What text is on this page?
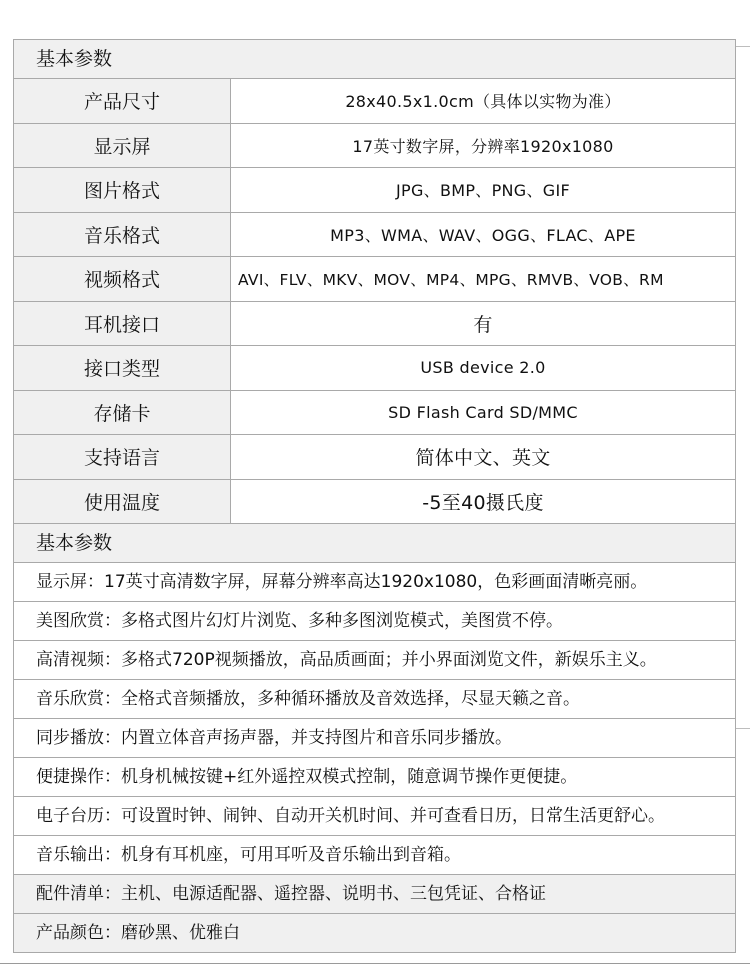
基本参数
产品尺寸	28x40.5x1.0cm（具体以实物为准）
显示屏	17英寸数字屏，分辨率1920x1080
图片格式	JPG、BMP、PNG、GIF
音乐格式	MP3、WMA、WAV、OGG、FLAC、APE
视频格式	AVI、FLV、MKV、MOV、MP4、MPG、RMVB、VOB、RM
耳机接口	有
接口类型	USB device 2.0
存储卡	SD Flash Card SD/MMC
支持语言	简体中文、英文
使用温度	-5至40摄氏度
基本参数
显示屏：17英寸高清数字屏，屏幕分辨率高达1920x1080，色彩画面清晰亮丽。
美图欣赏：多格式图片幻灯片浏览、多种多图浏览模式，美图赏不停。
高清视频：多格式720P视频播放，高品质画面；并小界面浏览文件，新娱乐主义。
音乐欣赏：全格式音频播放，多种循环播放及音效选择，尽显天籁之音。
同步播放：内置立体音声扬声器，并支持图片和音乐同步播放。
便捷操作：机身机械按键+红外遥控双模式控制，随意调节操作更便捷。
电子台历：可设置时钟、闹钟、自动开关机时间、并可查看日历，日常生活更舒心。
音乐输出：机身有耳机座，可用耳听及音乐输出到音箱。
配件清单：主机、电源适配器、遥控器、说明书、三包凭证、合格证
产品颜色：磨砂黑、优雅白
